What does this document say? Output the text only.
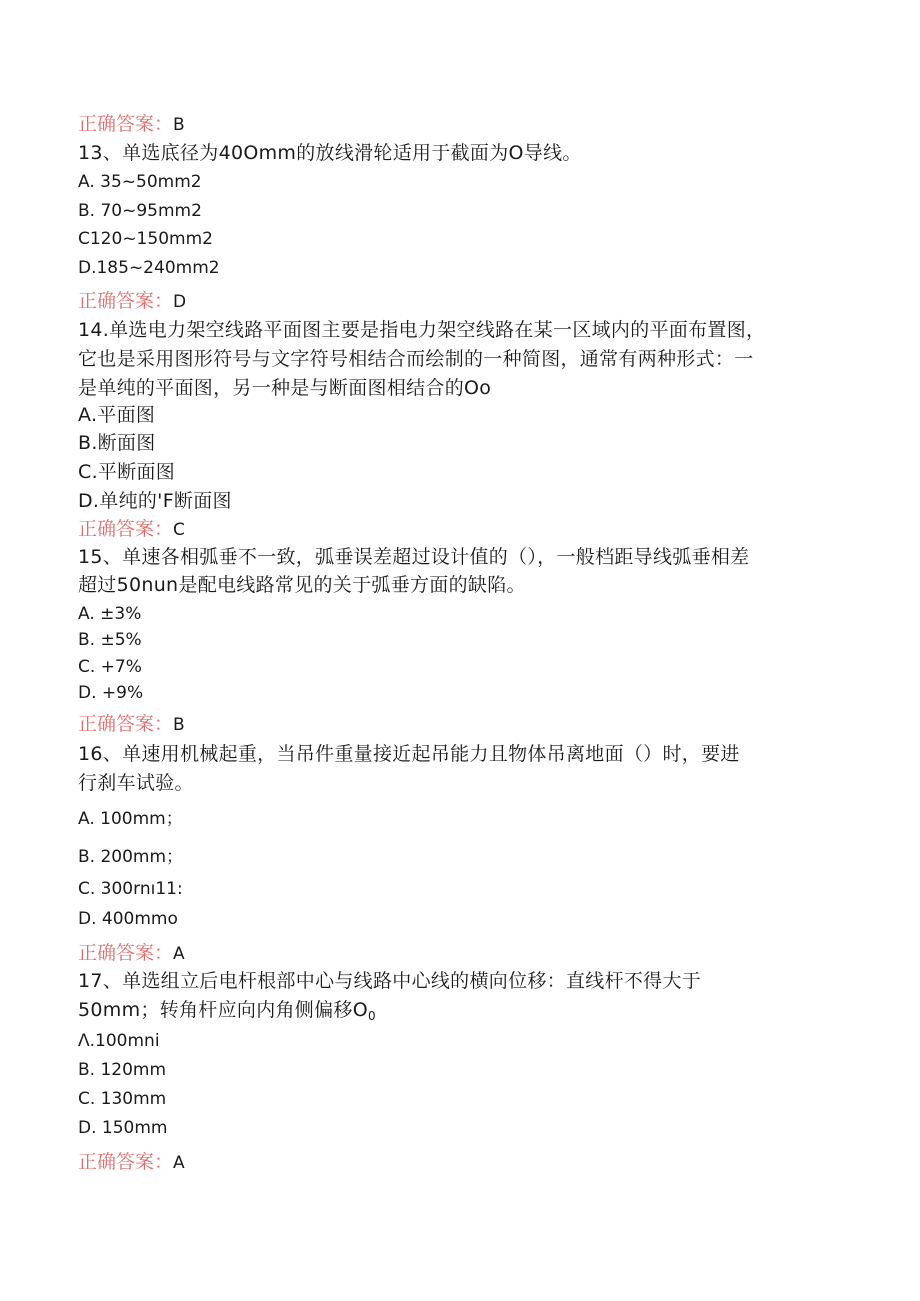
正确答案：B
13、单选底径为40Omm的放线滑轮适用于截面为O导线。
A. 35~50mm2
B. 70~95mm2
C120~150mm2
D.185~240mm2
正确答案：D
14.单选电力架空线路平面图主要是指电力架空线路在某一区域内的平面布置图，
它也是采用图形符号与文字符号相结合而绘制的一种简图，通常有两种形式：一
是单纯的平面图，另一种是与断面图相结合的Oo
A.平面图
B.断面图
C.平断面图
D.单纯的'F断面图
正确答案：C
15、单速各相弧垂不一致，弧垂误差超过设计值的（），一般档距导线弧垂相差
超过50nun是配电线路常见的关于弧垂方面的缺陷。
A. ±3%
B. ±5%
C. +7%
D. +9%
正确答案：B
16、单速用机械起重，当吊件重量接近起吊能力且物体吊离地面（）时，要进
行刹车试验。
A. 100mm；
B. 200mm；
C. 300rnı11:
D. 400mmo
正确答案：A
17、单选组立后电杆根部中心与线路中心线的横向位移：直线杆不得大于
50mm；转角杆应向内角侧偏移$O_0$
Λ.100mni
B. 120mm
C. 130mm
D. 150mm
正确答案：A
